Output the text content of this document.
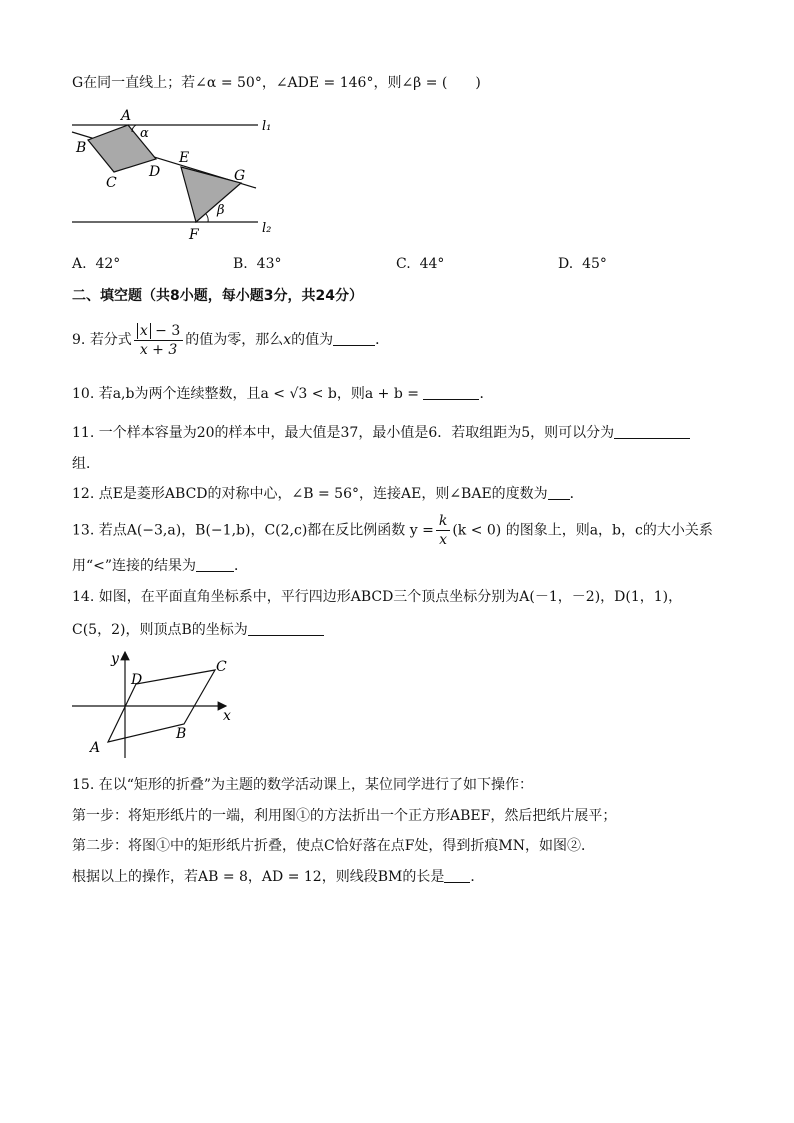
G在同一直线上；若∠α = 50°，∠ADE = 146°，则∠β = (　　)
A
α
B
C
D
E
G
β
F
l₁
l₂
A. 42°	B. 43°	C. 44°	D. 45°
二、填空题（共8小题，每小题3分，共24分）
9. 若分式 $\frac{x - 3}{x + 3}$ 的值为零，那么x的值为	．
10. 若a,b为两个连续整数，且a < √3 < b，则a + b =	．
11. 一个样本容量为20的样本中，最大值是37，最小值是6．若取组距为5，则可以分为
组．
12. 点E是菱形ABCD的对称中心，∠B = 56°，连接AE，则∠BAE的度数为 ．
13. 若点A(−3,a)，B(−1,b)，C(2,c)都在反比例函数 $y = \frac{k}{x} (k < 0)$ 的图象上，则a，b，c的大小关系
用“<”连接的结果为	．
14. 如图，在平面直角坐标系中，平行四边形ABCD三个顶点坐标分别为A(－1，－2)，D(1，1)，
C(5，2)，则顶点B的坐标为
y
x
D
C
B
A
15. 在以“矩形的折叠”为主题的数学活动课上，某位同学进行了如下操作：
第一步：将矩形纸片的一端，利用图①的方法折出一个正方形ABEF，然后把纸片展平；
第二步：将图①中的矩形纸片折叠，使点C恰好落在点F处，得到折痕MN，如图②．
根据以上的操作，若AB = 8，AD = 12，则线段BM的长是 ．
